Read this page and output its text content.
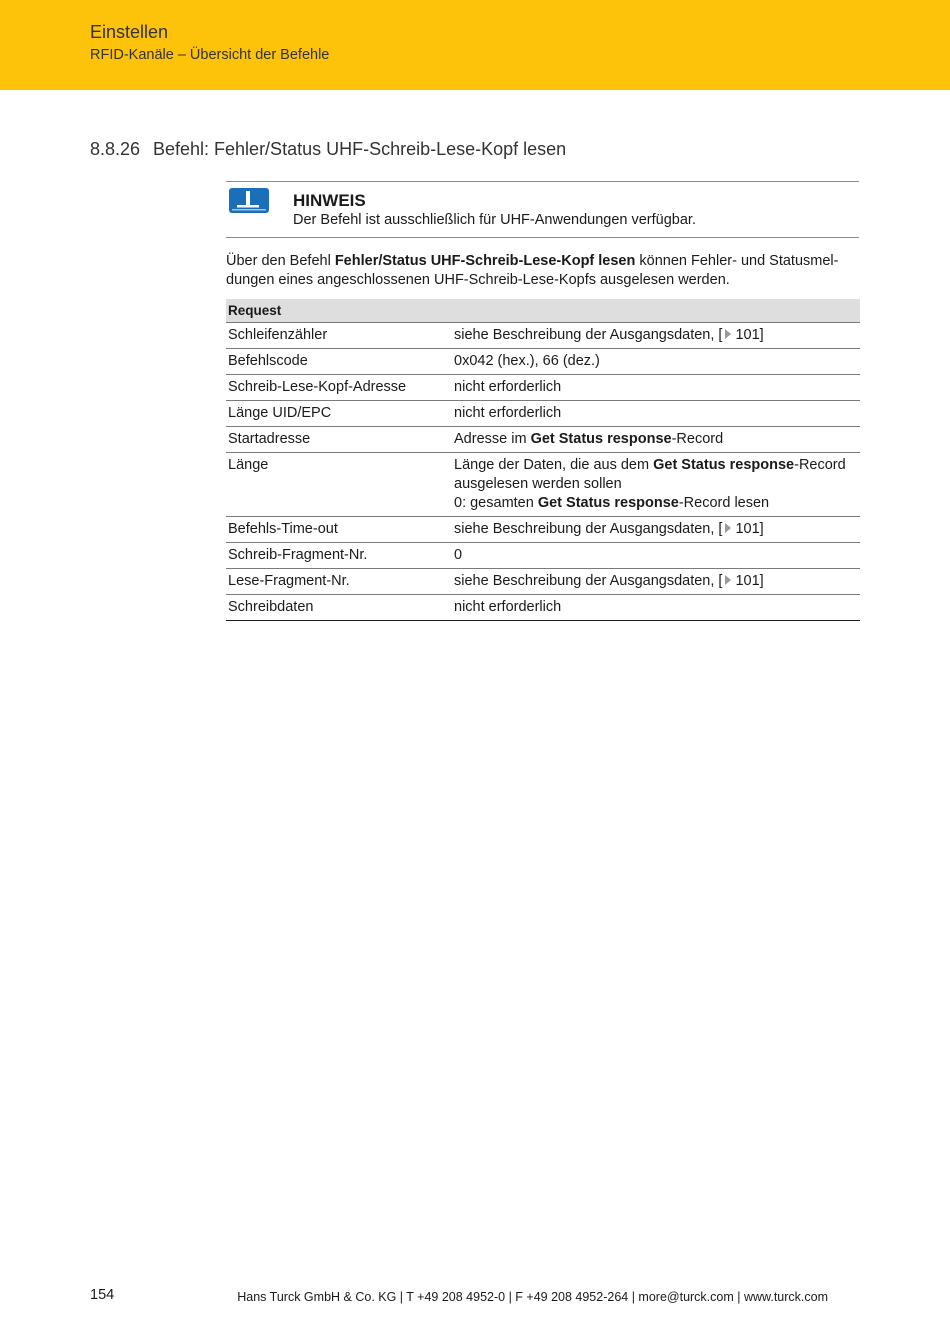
Einstellen
RFID-Kanäle – Übersicht der Befehle
8.8.26 Befehl: Fehler/Status UHF-Schreib-Lese-Kopf lesen
HINWEIS
Der Befehl ist ausschließlich für UHF-Anwendungen verfügbar.
Über den Befehl Fehler/Status UHF-Schreib-Lese-Kopf lesen können Fehler- und Statusmel-
dungen eines angeschlossenen UHF-Schreib-Lese-Kopfs ausgelesen werden.
Request	
Schleifenzähler	siehe Beschreibung der Ausgangsdaten, [ 101]
Befehlscode	0x042 (hex.), 66 (dez.)
Schreib-Lese-Kopf-Adresse	nicht erforderlich
Länge UID/EPC	nicht erforderlich
Startadresse	Adresse im Get Status response-Record
Länge	Länge der Daten, die aus dem Get Status response-Record
ausgelesen werden sollen
0: gesamten Get Status response-Record lesen
Befehls-Time-out	siehe Beschreibung der Ausgangsdaten, [ 101]
Schreib-Fragment-Nr.	0
Lese-Fragment-Nr.	siehe Beschreibung der Ausgangsdaten, [ 101]
Schreibdaten	nicht erforderlich
154	Hans Turck GmbH & Co. KG | T +49 208 4952-0 | F +49 208 4952-264 | more@turck.com | www.turck.com
